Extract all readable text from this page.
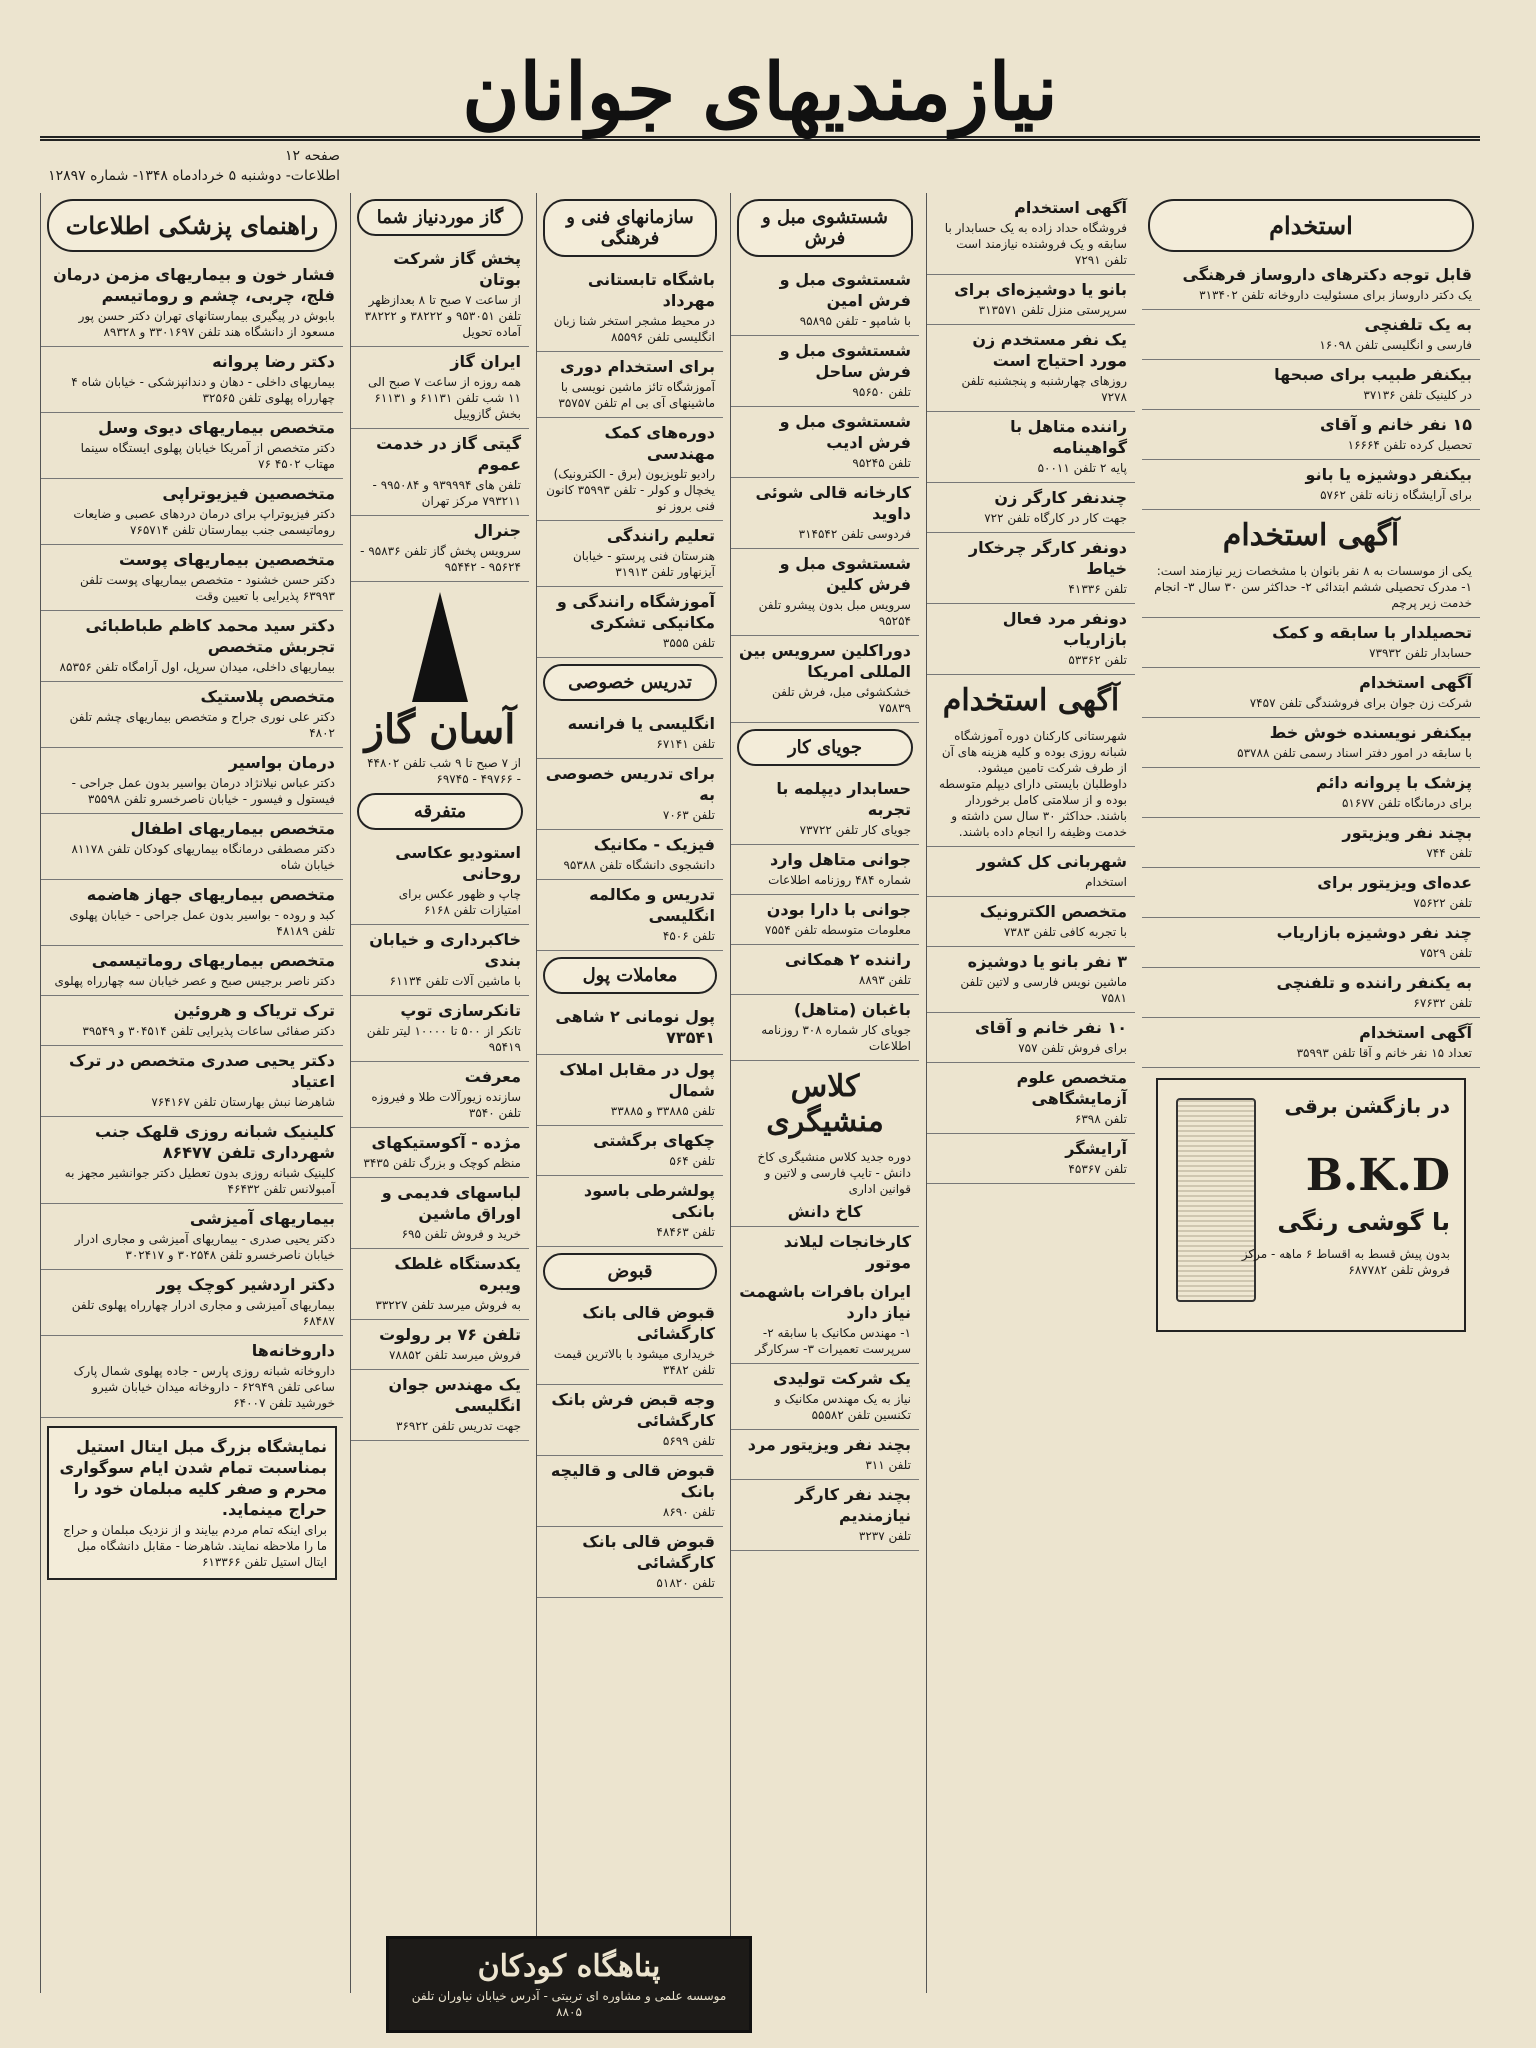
نیازمندیهای جوانان
صفحه ۱۲
اطلاعات- دوشنبه ۵ خردادماه ۱۳۴۸- شماره ۱۲۸۹۷
راهنمای پزشکی اطلاعات
فشار خون و بیماریهای مزمن درمان فلج، چربی، چشم و روماتیسم
بابوش در پیگیری بیمارستانهای تهران دکتر حسن پور مسعود از دانشگاه هند تلفن ۳۳۰۱۶۹۷ و ۸۹۳۲۸
دکتر رضا پروانه
بیماریهای داخلی - دهان و دندانپزشکی - خیابان شاه ۴ چهارراه پهلوی تلفن ۳۲۵۶۵
متخصص بیماریهای دیوی وسل
دکتر متخصص از آمریکا خیابان پهلوی ایستگاه سینما مهتاب ۴۵۰۲ ۷۶
متخصصین فیزیوتراپی
دکتر فیزیوتراپ برای درمان دردهای عصبی و ضایعات روماتیسمی جنب بیمارستان تلفن ۷۶۵۷۱۴
متخصصین بیماریهای پوست
دکتر حسن خشنود - متخصص بیماریهای پوست تلفن ۶۳۹۹۳ پذیرایی با تعیین وقت
دکتر سید محمد کاظم طباطبائی تجربش متخصص
بیماریهای داخلی، میدان سرپل، اول آرامگاه تلفن ۸۵۳۵۶
متخصص پلاستیک
دکتر علی نوری جراح و متخصص بیماریهای چشم تلفن ۴۸۰۲
درمان بواسیر
دکتر عباس نیلانژاد درمان بواسیر بدون عمل جراحی - فیستول و فیسور - خیابان ناصرخسرو تلفن ۳۵۵۹۸
متخصص بیماریهای اطفال
دکتر مصطفی درمانگاه بیماریهای کودکان تلفن ۸۱۱۷۸ خیابان شاه
متخصص بیماریهای جهاز هاضمه
کبد و روده - بواسیر بدون عمل جراحی - خیابان پهلوی تلفن ۴۸۱۸۹
متخصص بیماریهای روماتیسمی
دکتر ناصر برجیس صبح و عصر خیابان سه چهارراه پهلوی
ترک تریاک و هروئین
دکتر صفائی ساعات پذیرایی تلفن ۳۰۴۵۱۴ و ۳۹۵۴۹
دکتر یحیی صدری متخصص در ترک اعتیاد
شاهرضا نبش بهارستان تلفن ۷۶۴۱۶۷
کلینیک شبانه روزی قلهک جنب شهرداری تلفن ۸۶۴۷۷
کلینیک شبانه روزی بدون تعطیل دکتر جوانشیر مجهز به آمبولانس تلفن ۴۶۴۳۲
بیماریهای آمیزشی
دکتر یحیی صدری - بیماریهای آمیزشی و مجاری ادرار خیابان ناصرخسرو تلفن ۳۰۲۵۴۸ و ۳۰۲۴۱۷
دکتر اردشیر کوچک پور
بیماریهای آمیزشی و مجاری ادرار چهارراه پهلوی تلفن ۶۸۴۸۷
داروخانه‌ها
داروخانه شبانه روزی پارس - جاده پهلوی شمال پارک ساعی تلفن ۶۲۹۴۹ - داروخانه میدان خیابان شیرو خورشید تلفن ۶۴۰۰۷
نمایشگاه بزرگ مبل ایتال استیل بمناسبت تمام شدن ایام سوگواری محرم و صفر کلیه مبلمان خود را حراج مینماید.
برای اینکه تمام مردم بیایند و از نزدیک مبلمان و حراج ما را ملاحظه نمایند. شاهرضا - مقابل دانشگاه مبل ایتال استیل تلفن ۶۱۳۳۶۶
گاز موردنیاز شما
پخش گاز شرکت بوتان
از ساعت ۷ صبح تا ۸ بعدازظهر تلفن ۹۵۳۰۵۱ و ۳۸۲۲۲ و ۳۸۲۲۲ آماده تحویل
ایران گاز
همه روزه از ساعت ۷ صبح الی ۱۱ شب تلفن ۶۱۱۳۱ و ۶۱۱۳۱ بخش گازوییل
گیتی گاز در خدمت عموم
تلفن های ۹۳۹۹۹۴ و ۹۹۵۰۸۴ - ۷۹۳۲۱۱ مرکز تهران
جنرال
سرویس پخش گاز تلفن ۹۵۸۳۶ - ۹۵۶۲۴ - ۹۵۴۴۲
آسان گاز
از ۷ صبح تا ۹ شب تلفن ۴۴۸۰۲ - ۴۹۷۶۶ - ۶۹۷۴۵
متفرقه
استودیو عکاسی روحانی
چاپ و ظهور عکس برای امتیازات تلفن ۶۱۶۸
خاکبرداری و خیابان بندی
با ماشین آلات تلفن ۶۱۱۳۴
تانکرسازی توپ
تانکر از ۵۰۰ تا ۱۰۰۰۰ لیتر تلفن ۹۵۴۱۹
معرفت
سازنده زیورآلات طلا و فیروزه تلفن ۳۵۴۰
مژده - آکوستیکهای
منظم کوچک و بزرگ تلفن ۳۴۳۵
لباسهای فدیمی و اوراق ماشین
خرید و فروش تلفن ۶۹۵
یکدستگاه غلطک ویبره
به فروش میرسد تلفن ۳۳۲۲۷
تلفن ۷۶ بر رولوت
فروش میرسد تلفن ۷۸۸۵۲
یک مهندس جوان انگلیسی
جهت تدریس تلفن ۳۶۹۲۲
سازمانهای فنی و فرهنگی
باشگاه تابستانی مهرداد
در محیط مشجر استخر شنا زبان انگلیسی تلفن ۸۵۵۹۶
برای استخدام دوری
آموزشگاه تائز ماشین نویسی با ماشینهای آی بی ام تلفن ۳۵۷۵۷
دوره‌های کمک مهندسی
رادیو تلویزیون (برق - الکترونیک) یخچال و کولر - تلفن ۳۵۹۹۳ کانون فنی بروز نو
تعلیم رانندگی
هنرستان فنی پرستو - خیابان آیزنهاور تلفن ۳۱۹۱۳
آموزشگاه رانندگی و مکانیکی تشکری
تلفن ۳۵۵۵
تدریس خصوصی
انگلیسی یا فرانسه
تلفن ۶۷۱۴۱
برای تدریس خصوصی به
تلفن ۷۰۶۳
فیزیک - مکانیک
دانشجوی دانشگاه تلفن ۹۵۳۸۸
تدریس و مکالمه انگلیسی
تلفن ۴۵۰۶
معاملات پول
پول نومانی ۲ شاهی ۷۳۵۴۱
پول در مقابل املاک شمال
تلفن ۳۳۸۸۵ و ۳۳۸۸۵
چکهای برگشتی
تلفن ۵۶۴
پولشرطی باسود بانکی
تلفن ۴۸۴۶۳
قبوض
قبوض قالی بانک کارگشائی
خریداری میشود با بالاترین قیمت تلفن ۳۴۸۲
وجه قبض فرش بانک کارگشائی
تلفن ۵۶۹۹
قبوض قالی و قالیچه بانک
تلفن ۸۶۹۰
قبوض قالی بانک کارگشائی
تلفن ۵۱۸۲۰
شستشوی مبل و فرش
شستشوی مبل و فرش امین
با شامپو - تلفن ۹۵۸۹۵
شستشوی مبل و فرش ساحل
تلفن ۹۵۶۵۰
شستشوی مبل و فرش ادیب
تلفن ۹۵۲۴۵
کارخانه قالی شوئی داوید
فردوسی تلفن ۳۱۴۵۴۲
شستشوی مبل و فرش کلین
سرویس مبل بدون پیشرو تلفن ۹۵۲۵۴
دوراکلین سرویس بین المللی امریکا
خشکشوئی مبل، فرش تلفن ۷۵۸۳۹
جویای کار
حسابدار دیپلمه با تجربه
جویای کار تلفن ۷۳۷۲۲
جوانی متاهل وارد
شماره ۴۸۴ روزنامه اطلاعات
جوانی با دارا بودن
معلومات متوسطه تلفن ۷۵۵۴
راننده ۲ همکانی
تلفن ۸۸۹۳
باغبان (متاهل)
جویای کار شماره ۳۰۸ روزنامه اطلاعات
کلاس منشیگری
دوره جدید کلاس منشیگری کاخ دانش - تایپ فارسی و لاتین و قوانین اداری
کاخ دانش
کارخانجات لیلاند موتور
ایران بافرات باشهمت نیاز دارد
۱- مهندس مکانیک با سابقه ۲- سرپرست تعمیرات ۳- سرکارگر
یک شرکت تولیدی
نیاز به یک مهندس مکانیک و تکنسین تلفن ۵۵۵۸۲
بچند نفر ویزیتور مرد
تلفن ۳۱۱
بچند نفر کارگر نیازمندیم
تلفن ۳۲۳۷
آگهی استخدام
فروشگاه حداد زاده به یک حسابدار با سابقه و یک فروشنده نیازمند است تلفن ۷۲۹۱
بانو یا دوشیزه‌ای برای
سرپرستی منزل تلفن ۳۱۳۵۷۱
یک نفر مستخدم زن مورد احتیاج است
روزهای چهارشنبه و پنجشنبه تلفن ۷۲۷۸
راننده متاهل با گواهینامه
پایه ۲ تلفن ۵۰۰۱۱
چندنفر کارگر زن
جهت کار در کارگاه تلفن ۷۲۲
دونفر کارگر چرخکار خیاط
تلفن ۴۱۳۳۶
دونفر مرد فعال بازاریاب
تلفن ۵۳۳۶۲
آگهی استخدام
شهرستانی کارکنان دوره آموزشگاه شبانه روزی بوده و کلیه هزینه های آن از طرف شرکت تامین میشود. داوطلبان بایستی دارای دیپلم متوسطه بوده و از سلامتی کامل برخوردار باشند. حداکثر ۳۰ سال سن داشته و خدمت وظیفه را انجام داده باشند.
شهربانی کل کشور
استخدام
متخصص الکترونیک
با تجربه کافی تلفن ۷۳۸۳
۳ نفر بانو یا دوشیزه
ماشین نویس فارسی و لاتین تلفن ۷۵۸۱
۱۰ نفر خانم و آقای
برای فروش تلفن ۷۵۷
متخصص علوم آزمایشگاهی
تلفن ۶۳۹۸
آرایشگر
تلفن ۴۵۳۶۷
استخدام
قابل توجه دکترهای داروساز فرهنگی
یک دکتر داروساز برای مسئولیت داروخانه تلفن ۳۱۳۴۰۲
به یک تلفنچی
فارسی و انگلیسی تلفن ۱۶۰۹۸
بیکنفر طبیب برای صبحها
در کلینیک تلفن ۳۷۱۳۶
۱۵ نفر خانم و آقای
تحصیل کرده تلفن ۱۶۶۶۴
بیکنفر دوشیزه یا بانو
برای آرایشگاه زنانه تلفن ۵۷۶۲
آگهی استخدام
یکی از موسسات به ۸ نفر بانوان با مشخصات زیر نیازمند است: ۱- مدرک تحصیلی ششم ابتدائی ۲- حداکثر سن ۳۰ سال ۳- انجام خدمت زیر پرچم
تحصیلدار با سابقه و کمک
حسابدار تلفن ۷۳۹۳۲
آگهی استخدام
شرکت زن جوان برای فروشندگی تلفن ۷۴۵۷
بیکنفر نویسنده خوش خط
با سابقه در امور دفتر اسناد رسمی تلفن ۵۳۷۸۸
پزشک با پروانه دائم
برای درمانگاه تلفن ۵۱۶۷۷
بچند نفر ویزیتور
تلفن ۷۴۴
عده‌ای ویزیتور برای
تلفن ۷۵۶۲۲
چند نفر دوشیزه بازاریاب
تلفن ۷۵۲۹
به یکنفر راننده و تلفنچی
تلفن ۶۷۶۳۲
آگهی استخدام
تعداد ۱۵ نفر خانم و آقا تلفن ۳۵۹۹۳
در بازگشن برقی
B.K.D
با گوشی رنگی
بدون پیش قسط به اقساط ۶ ماهه - مرکز فروش تلفن ۶۸۷۷۸۲
پناهگاه کودکان
موسسه علمی و مشاوره ای تربیتی - آدرس خیابان نیاوران تلفن ۸۸۰۵
